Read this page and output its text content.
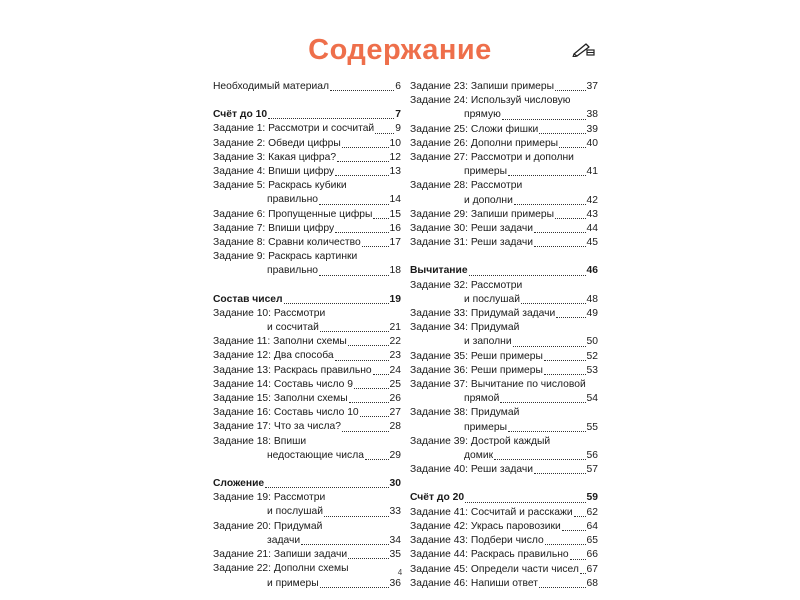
Содержание
Необходимый материал	6
Счёт до 10	7
Задание 1: Рассмотри и сосчитай 9
Задание 2: Обведи цифры	10
Задание 3: Какая цифра?	12
Задание 4: Впиши цифру	13
Задание 5: Раскрась кубики
правильно	14
Задание 6: Пропущенные цифры 15
Задание 7: Впиши цифру	16
Задание 8: Сравни количество	17
Задание 9: Раскрась картинки
правильно	18
Состав чисел	19
Задание 10: Рассмотри
и сосчитай	21
Задание 11: Заполни схемы	22
Задание 12: Два способа	23
Задание 13: Раскрась правильно 24
Задание 14: Составь число 9	25
Задание 15: Заполни схемы	26
Задание 16: Составь число 10	27
Задание 17: Что за числа?	28
Задание 18: Впиши
недостающие числа 29
Сложение	30
Задание 19: Рассмотри
и послушай	33
Задание 20: Придумай
задачи	34
Задание 21: Запиши задачи	35
Задание 22: Дополни схемы
и примеры	36
Задание 23: Запиши примеры	37
Задание 24: Используй числовую
прямую	38
Задание 25: Сложи фишки	39
Задание 26: Дополни примеры	40
Задание 27: Рассмотри и дополни
примеры	41
Задание 28: Рассмотри
и дополни	42
Задание 29: Запиши примеры	43
Задание 30: Реши задачи	44
Задание 31: Реши задачи	45
Вычитание	46
Задание 32: Рассмотри
и послушай	48
Задание 33: Придумай задачи	49
Задание 34: Придумай
и заполни	50
Задание 35: Реши примеры	52
Задание 36: Реши примеры	53
Задание 37: Вычитание по числовой
прямой	54
Задание 38: Придумай
примеры	55
Задание 39: Дострой каждый
домик	56
Задание 40: Реши задачи	57
Счёт до 20	59
Задание 41: Сосчитай и расскажи 62
Задание 42: Укрась паровозики	64
Задание 43: Подбери число	65
Задание 44: Раскрась правильно 66
Задание 45: Определи части чисел 67
Задание 46: Напиши ответ	68
4
